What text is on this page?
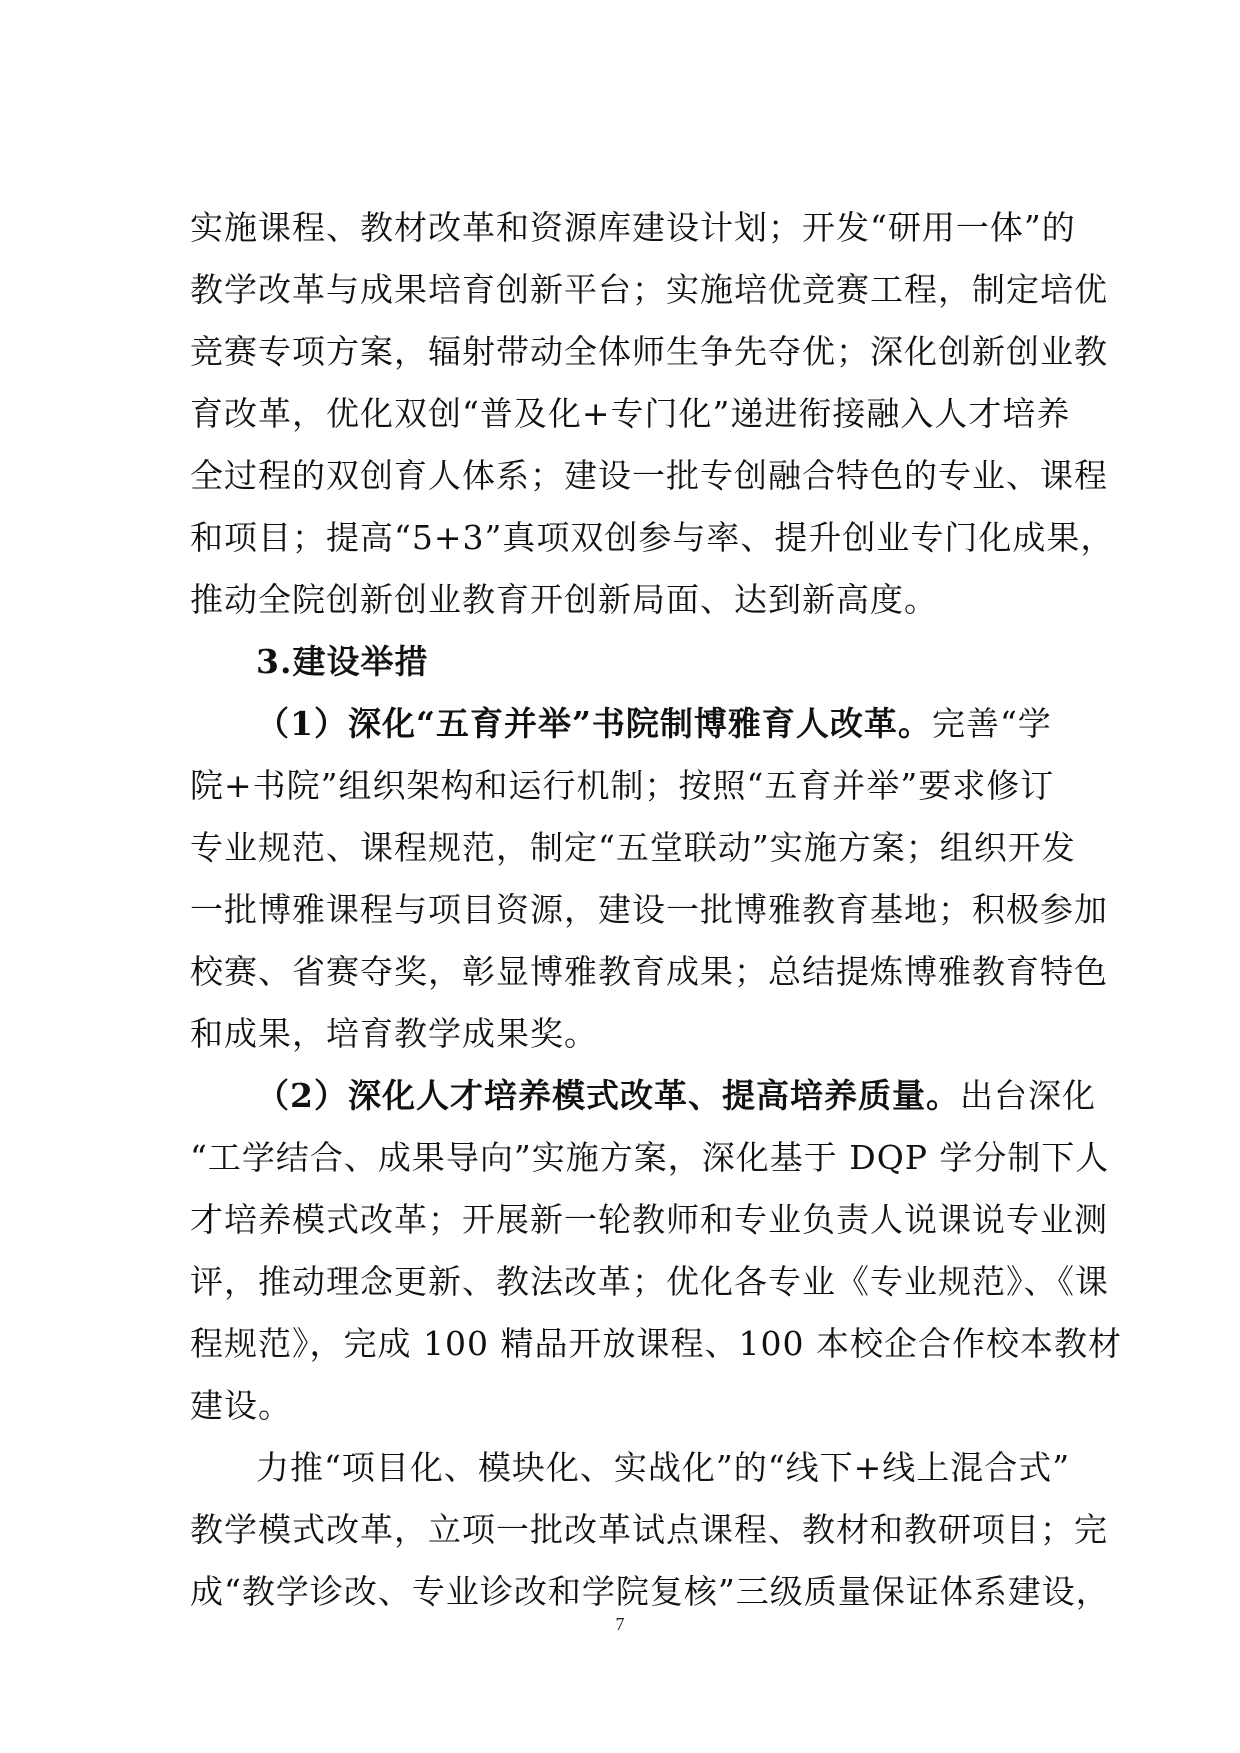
实施课程、教材改革和资源库建设计划；开发“研用一体”的
教学改革与成果培育创新平台；实施培优竞赛工程，制定培优
竞赛专项方案，辐射带动全体师生争先夺优；深化创新创业教
育改革，优化双创“普及化+专门化”递进衔接融入人才培养
全过程的双创育人体系；建设一批专创融合特色的专业、课程
和项目；提高“5+3”真项双创参与率、提升创业专门化成果，
推动全院创新创业教育开创新局面、达到新高度。
3.建设举措
（1）深化“五育并举”书院制博雅育人改革。完善“学
院+书院”组织架构和运行机制；按照“五育并举”要求修订
专业规范、课程规范，制定“五堂联动”实施方案；组织开发
一批博雅课程与项目资源，建设一批博雅教育基地；积极参加
校赛、省赛夺奖，彰显博雅教育成果；总结提炼博雅教育特色
和成果，培育教学成果奖。
（2）深化人才培养模式改革、提高培养质量。出台深化
“工学结合、成果导向”实施方案，深化基于 DQP 学分制下人
才培养模式改革；开展新一轮教师和专业负责人说课说专业测
评，推动理念更新、教法改革；优化各专业《专业规范》、《课
程规范》，完成 100 精品开放课程、100 本校企合作校本教材
建设。
力推“项目化、模块化、实战化”的“线下+线上混合式”
教学模式改革，立项一批改革试点课程、教材和教研项目；完
成“教学诊改、专业诊改和学院复核”三级质量保证体系建设，
7
